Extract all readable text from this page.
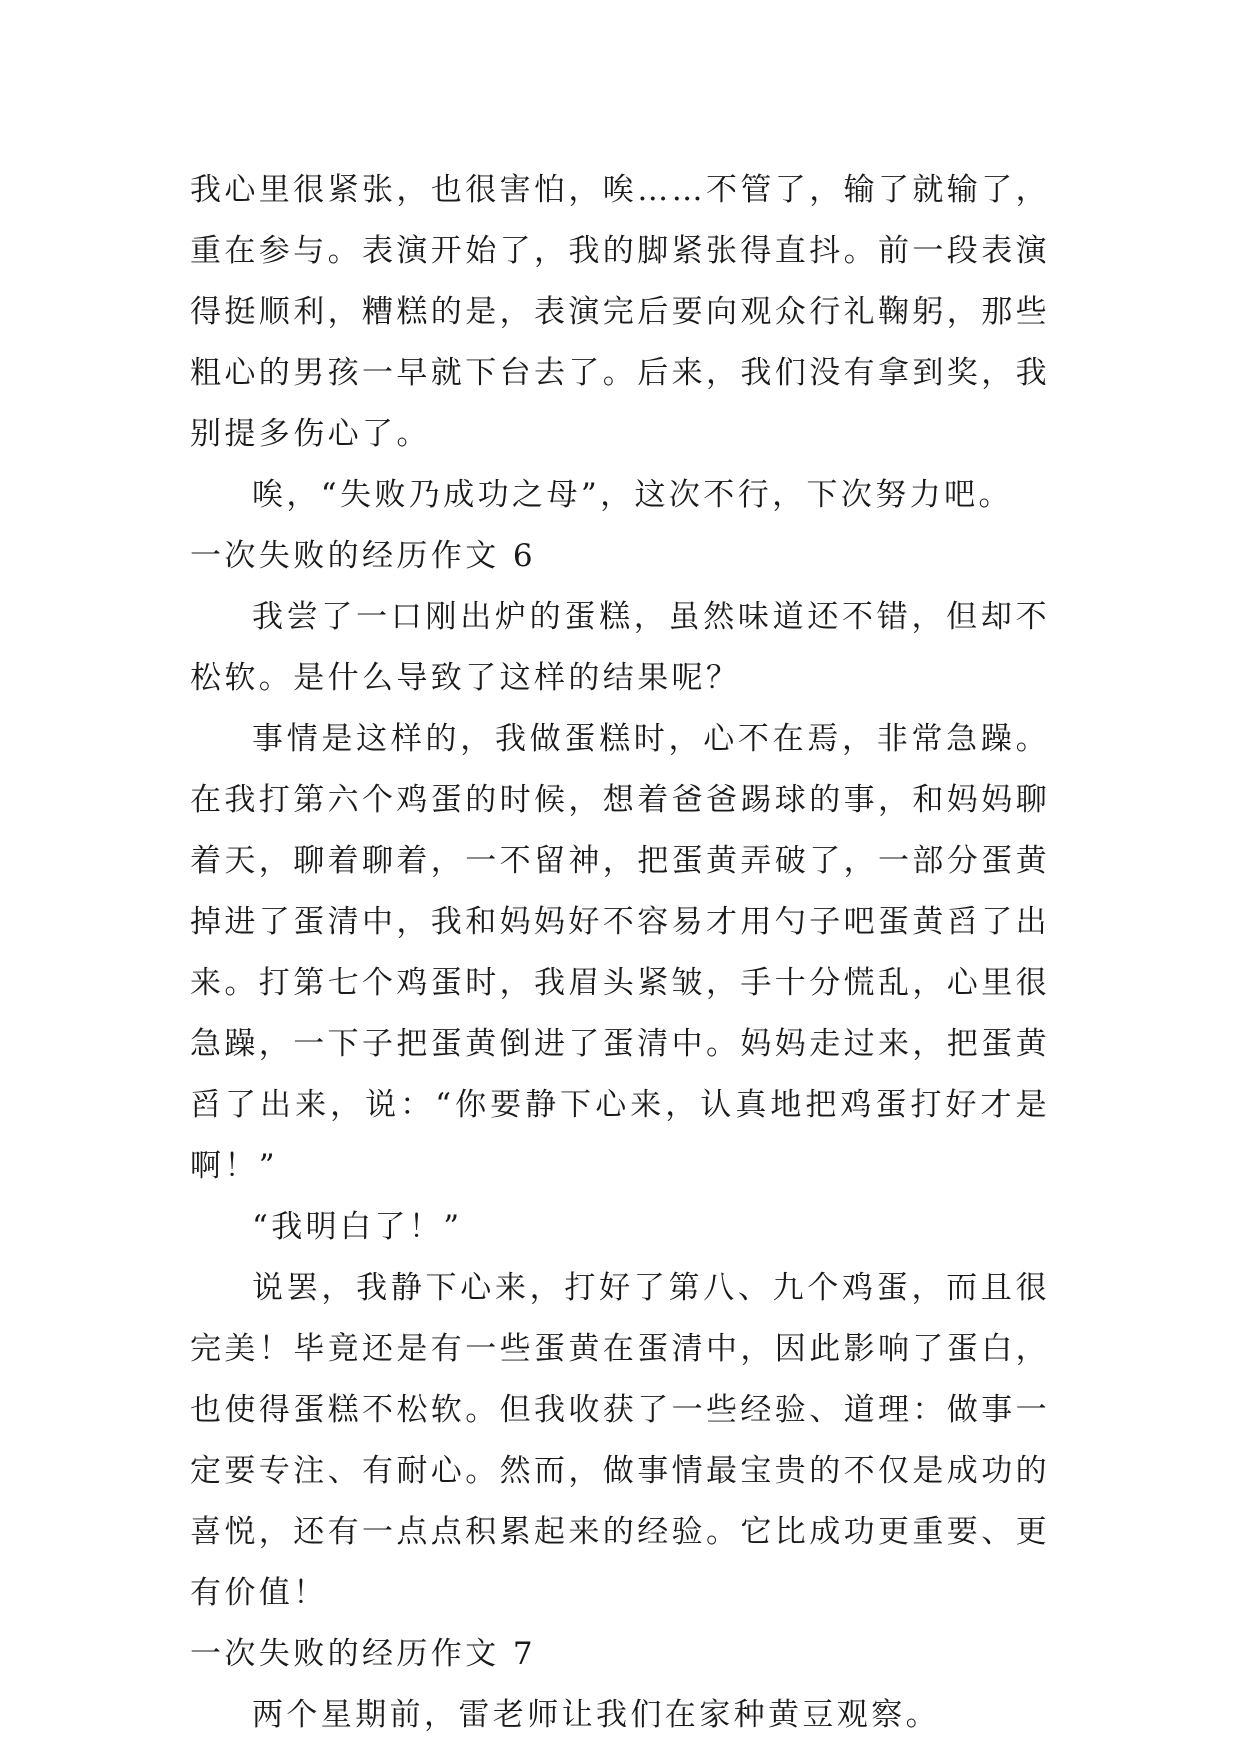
我心里很紧张，也很害怕，唉……不管了，输了就输了，重在参与。表演开始了，我的脚紧张得直抖。前一段表演得挺顺利，糟糕的是，表演完后要向观众行礼鞠躬，那些粗心的男孩一早就下台去了。后来，我们没有拿到奖，我别提多伤心了。

唉，“失败乃成功之母”，这次不行，下次努力吧。

一次失败的经历作文 6

我尝了一口刚出炉的蛋糕，虽然味道还不错，但却不松软。是什么导致了这样的结果呢？

事情是这样的，我做蛋糕时，心不在焉，非常急躁。在我打第六个鸡蛋的时候，想着爸爸踢球的事，和妈妈聊着天，聊着聊着，一不留神，把蛋黄弄破了，一部分蛋黄掉进了蛋清中，我和妈妈好不容易才用勺子吧蛋黄舀了出来。打第七个鸡蛋时，我眉头紧皱，手十分慌乱，心里很急躁，一下子把蛋黄倒进了蛋清中。妈妈走过来，把蛋黄舀了出来，说：“你要静下心来，认真地把鸡蛋打好才是啊！”

“我明白了！”

说罢，我静下心来，打好了第八、九个鸡蛋，而且很完美！毕竟还是有一些蛋黄在蛋清中，因此影响了蛋白，也使得蛋糕不松软。但我收获了一些经验、道理：做事一定要专注、有耐心。然而，做事情最宝贵的不仅是成功的喜悦，还有一点点积累起来的经验。它比成功更重要、更有价值！

一次失败的经历作文 7

两个星期前，雷老师让我们在家种黄豆观察。
